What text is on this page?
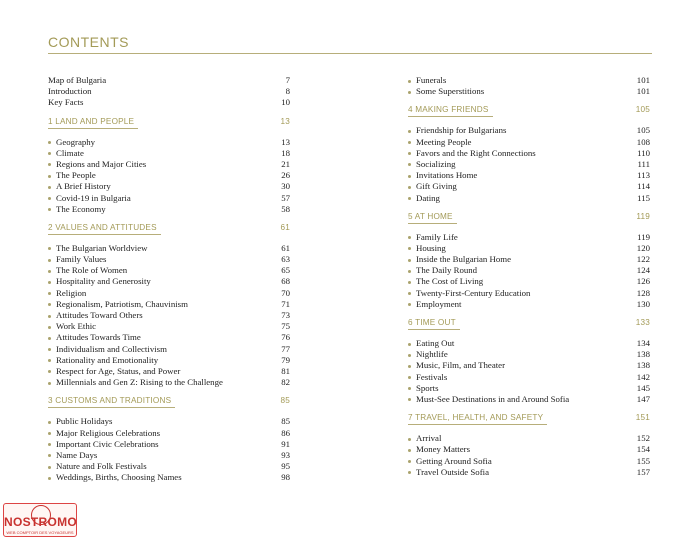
CONTENTS
Map of Bulgaria	7
Introduction	8
Key Facts	10
1 LAND AND PEOPLE	13
Geography	13
Climate	18
Regions and Major Cities	21
The People	26
A Brief History	30
Covid-19 in Bulgaria	57
The Economy	58
2 VALUES AND ATTITUDES	61
The Bulgarian Worldview	61
Family Values	63
The Role of Women	65
Hospitality and Generosity	68
Religion	70
Regionalism, Patriotism, Chauvinism	71
Attitudes Toward Others	73
Work Ethic	75
Attitudes Towards Time	76
Individualism and Collectivism	77
Rationality and Emotionality	79
Respect for Age, Status, and Power	81
Millennials and Gen Z: Rising to the Challenge	82
3 CUSTOMS AND TRADITIONS	85
Public Holidays	85
Major Religious Celebrations	86
Important Civic Celebrations	91
Name Days	93
Nature and Folk Festivals	95
Weddings, Births, Choosing Names	98
Funerals	101
Some Superstitions	101
4 MAKING FRIENDS	105
Friendship for Bulgarians	105
Meeting People	108
Favors and the Right Connections	110
Socializing	111
Invitations Home	113
Gift Giving	114
Dating	115
5 AT HOME	119
Family Life	119
Housing	120
Inside the Bulgarian Home	122
The Daily Round	124
The Cost of Living	126
Twenty-First-Century Education	128
Employment	130
6 TIME OUT	133
Eating Out	134
Nightlife	138
Music, Film, and Theater	138
Festivals	142
Sports	145
Must-See Destinations in and Around Sofia	147
7 TRAVEL, HEALTH, AND SAFETY	151
Arrival	152
Money Matters	154
Getting Around Sofia	155
Travel Outside Sofia	157
NOSTROMO
WEB COMPTOIR DES VOYAGEURS
